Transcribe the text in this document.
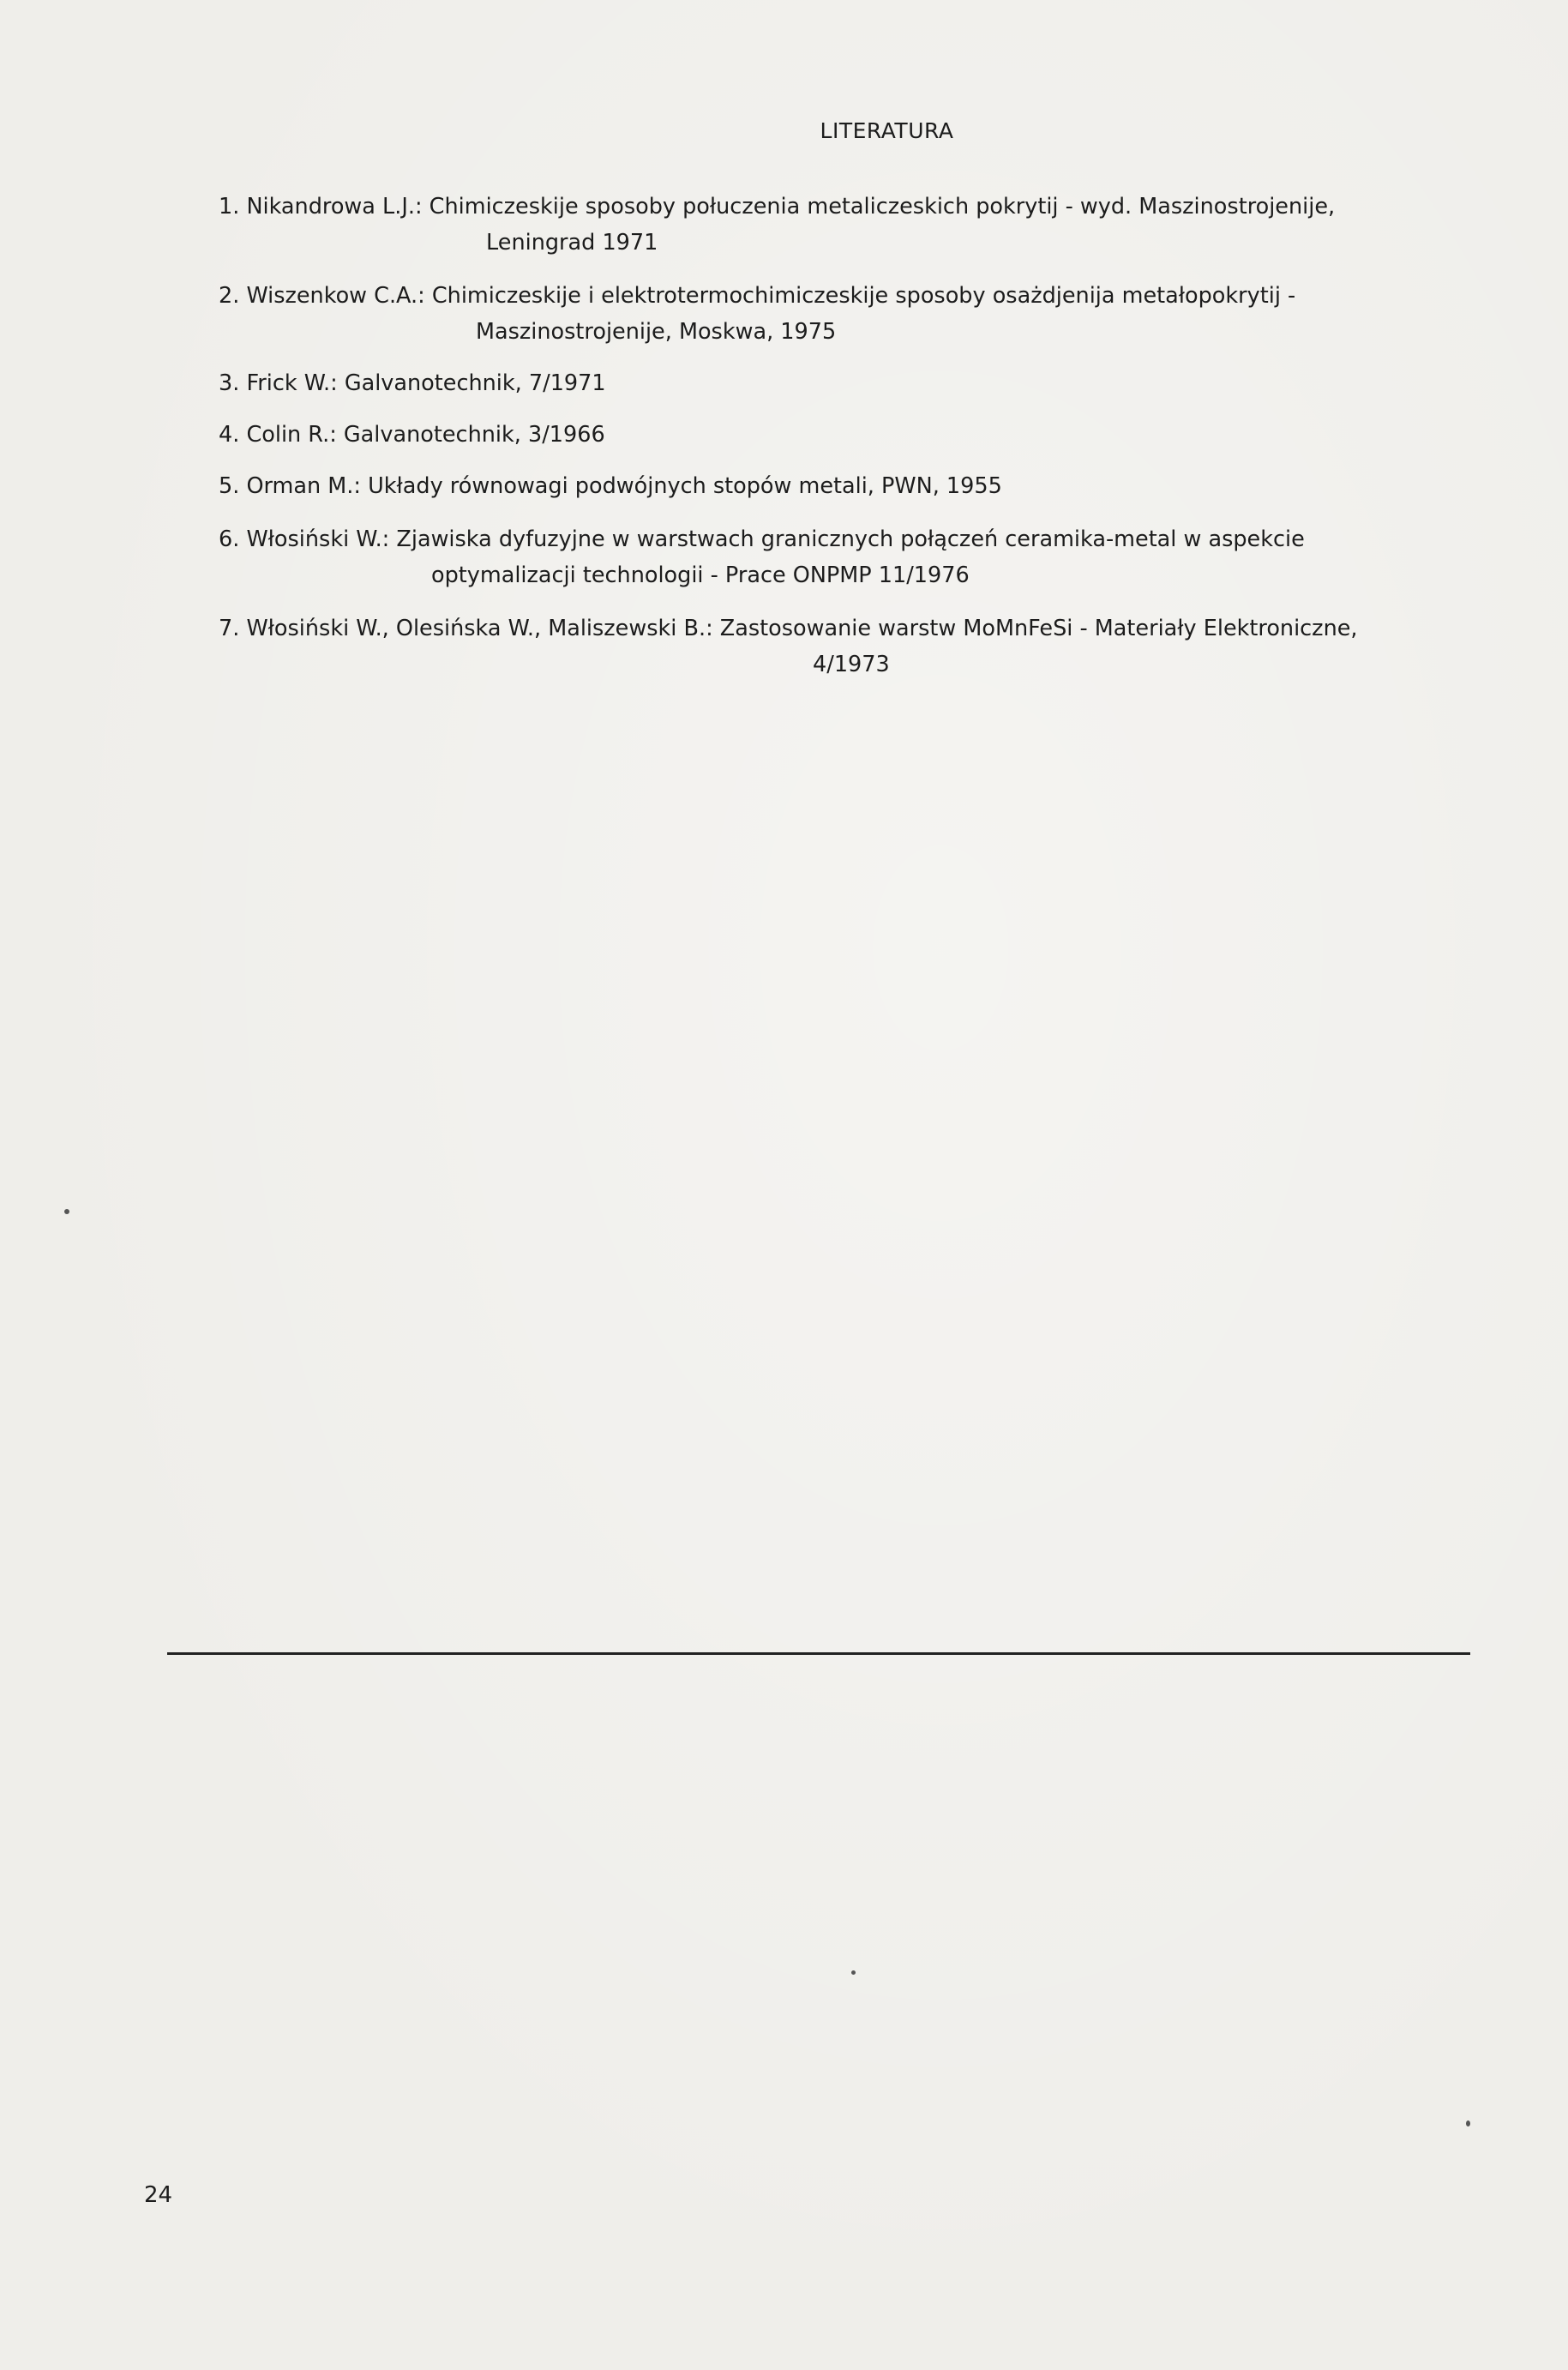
LITERATURA
1. Nikandrowa L.J.: Chimiczeskije sposoby połuczenia metaliczeskich pokrytij - wyd. Maszinostrojenije,
Leningrad 1971
2. Wiszenkow C.A.: Chimiczeskije i elektrotermochimiczeskije sposoby osażdjenija metałopokrytij -
Maszinostrojenije, Moskwa, 1975
3. Frick W.: Galvanotechnik, 7/1971
4. Colin R.: Galvanotechnik, 3/1966
5. Orman M.: Układy równowagi podwójnych stopów metali, PWN, 1955
6. Włosiński W.: Zjawiska dyfuzyjne w warstwach granicznych połączeń ceramika-metal w aspekcie
optymalizacji technologii - Prace ONPMP 11/1976
7. Włosiński W., Olesińska W., Maliszewski B.: Zastosowanie warstw MoMnFeSi - Materiały Elektroniczne,
4/1973
24
